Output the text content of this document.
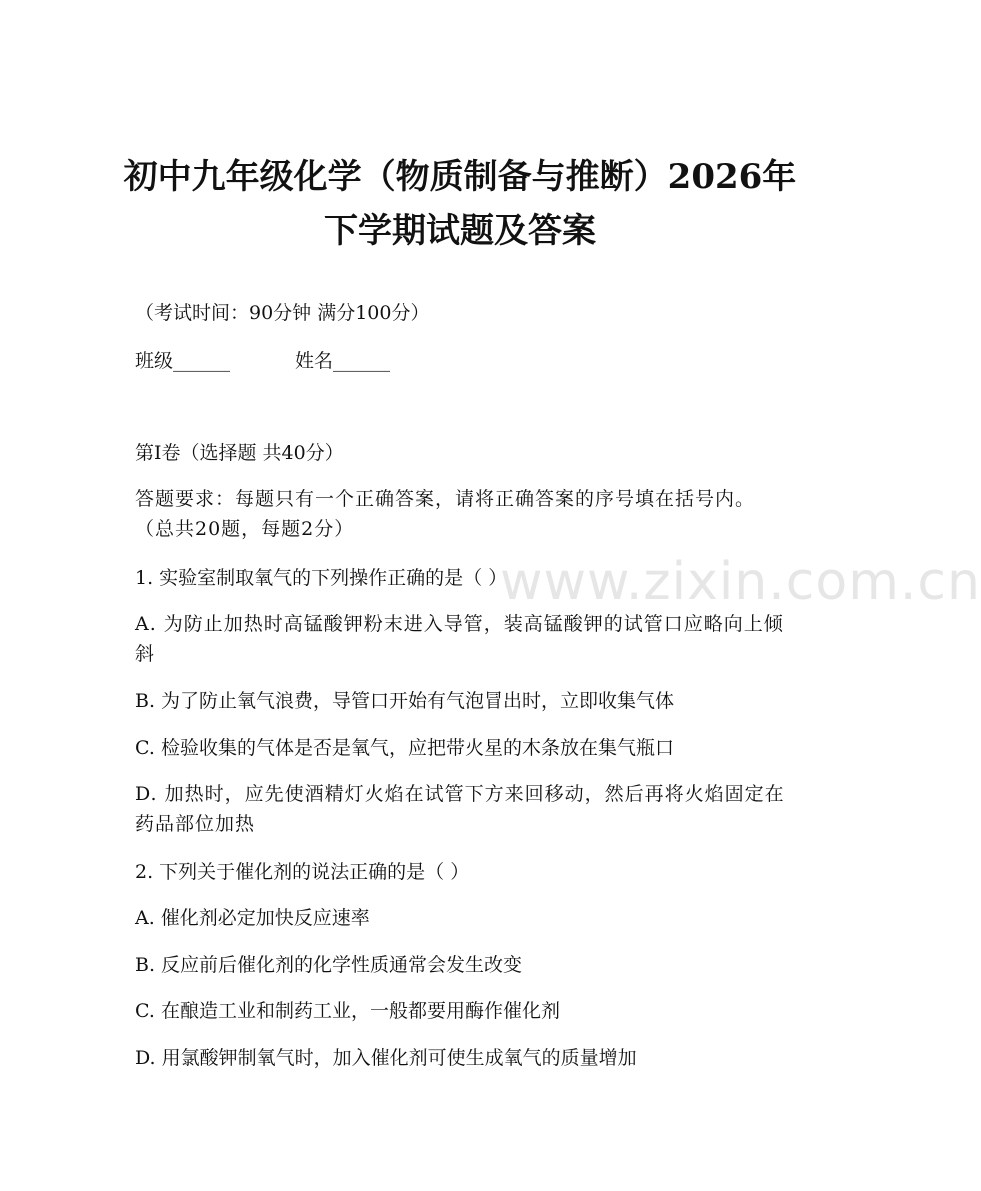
初中九年级化学（物质制备与推断）2026年
下学期试题及答案
（考试时间：90分钟 满分100分）
班级______	姓名______
第Ⅰ卷（选择题 共40分）
答题要求：每题只有一个正确答案，请将正确答案的序号填在括号内。（总共20题，每题2分）
www.zixin.com.cn
1. 实验室制取氧气的下列操作正确的是（ ）
A. 为防止加热时高锰酸钾粉末进入导管，装高锰酸钾的试管口应略向上倾斜
B. 为了防止氧气浪费，导管口开始有气泡冒出时，立即收集气体
C. 检验收集的气体是否是氧气，应把带火星的木条放在集气瓶口
D. 加热时，应先使酒精灯火焰在试管下方来回移动，然后再将火焰固定在药品部位加热
2. 下列关于催化剂的说法正确的是（ ）
A. 催化剂必定加快反应速率
B. 反应前后催化剂的化学性质通常会发生改变
C. 在酿造工业和制药工业，一般都要用酶作催化剂
D. 用氯酸钾制氧气时，加入催化剂可使生成氧气的质量增加
